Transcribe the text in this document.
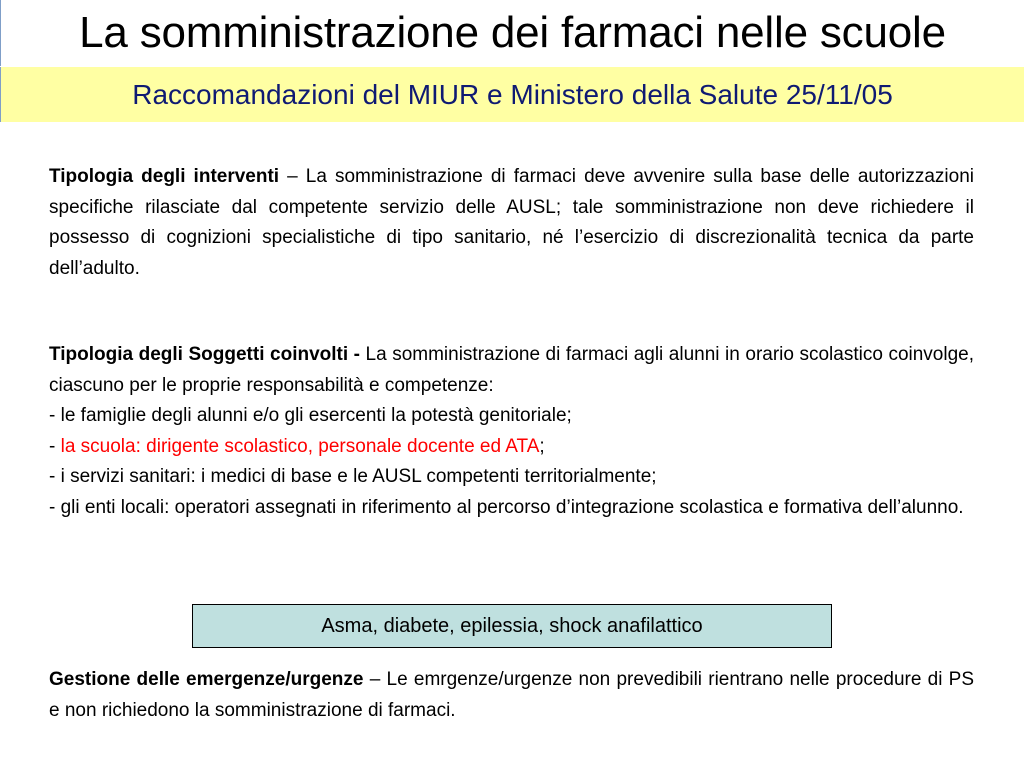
La somministrazione dei farmaci nelle scuole
Raccomandazioni del MIUR e Ministero della Salute 25/11/05

Tipologia degli interventi – La somministrazione di farmaci deve avvenire sulla base delle autorizzazioni specifiche rilasciate dal competente servizio delle AUSL; tale somministrazione non deve richiedere il possesso di cognizioni specialistiche di tipo sanitario, né l’esercizio di discrezionalità tecnica da parte dell’adulto.

Tipologia degli Soggetti coinvolti - La somministrazione di farmaci agli alunni in orario scolastico coinvolge, ciascuno per le proprie responsabilità e competenze:
- le famiglie degli alunni e/o gli esercenti la potestà genitoriale;
- la scuola: dirigente scolastico, personale docente ed ATA;
- i servizi sanitari: i medici di base e le AUSL competenti territorialmente;
- gli enti locali: operatori assegnati in riferimento al percorso d’integrazione scolastica e formativa dell’alunno.
Asma, diabete, epilessia, shock anafilattico

Gestione delle emergenze/urgenze – Le emrgenze/urgenze non prevedibili rientrano nelle procedure di PS e non richiedono la somministrazione di farmaci.
